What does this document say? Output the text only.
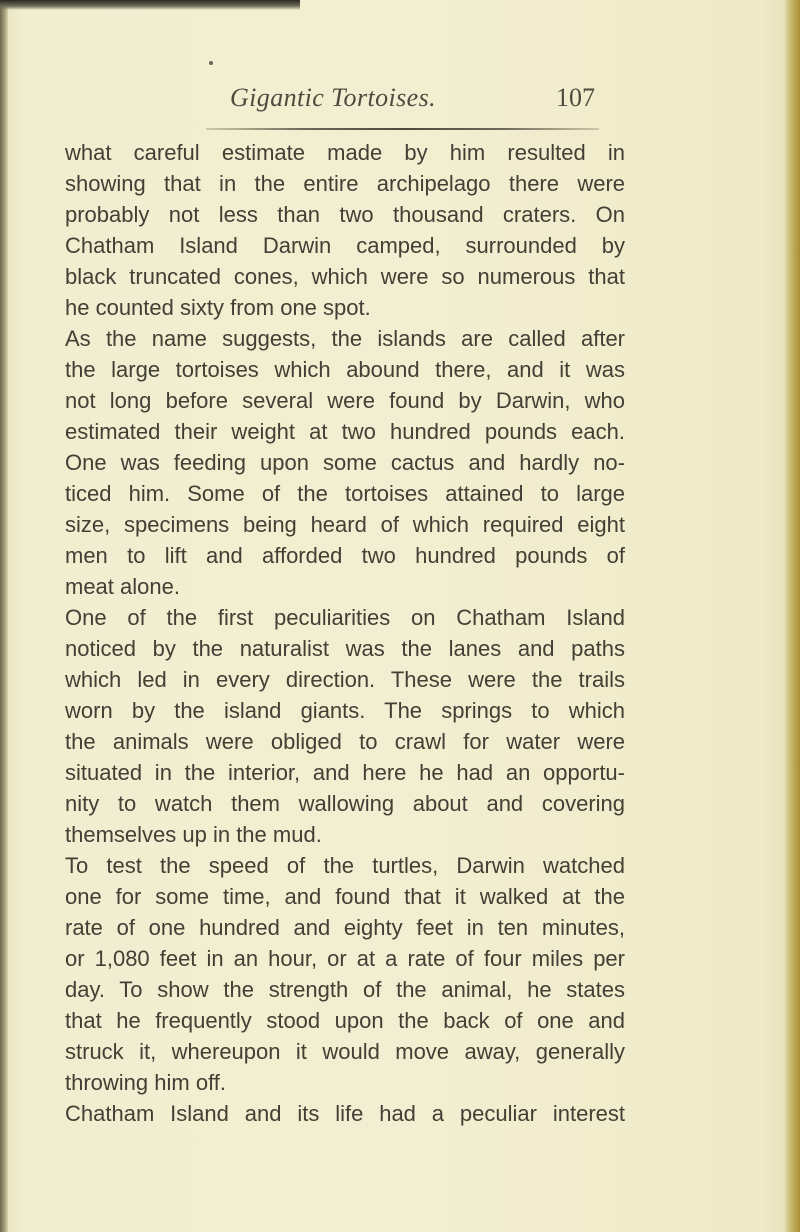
Gigantic Tortoises.	107
what careful estimate made by him resulted in
showing that in the entire archipelago there were
probably not less than two thousand craters. On
Chatham Island Darwin camped, surrounded by
black truncated cones, which were so numerous that
he counted sixty from one spot.
As the name suggests, the islands are called after
the large tortoises which abound there, and it was
not long before several were found by Darwin, who
estimated their weight at two hundred pounds each.
One was feeding upon some cactus and hardly no-
ticed him. Some of the tortoises attained to large
size, specimens being heard of which required eight
men to lift and afforded two hundred pounds of
meat alone.
One of the first peculiarities on Chatham Island
noticed by the naturalist was the lanes and paths
which led in every direction. These were the trails
worn by the island giants. The springs to which
the animals were obliged to crawl for water were
situated in the interior, and here he had an opportu-
nity to watch them wallowing about and covering
themselves up in the mud.
To test the speed of the turtles, Darwin watched
one for some time, and found that it walked at the
rate of one hundred and eighty feet in ten minutes,
or 1,080 feet in an hour, or at a rate of four miles per
day. To show the strength of the animal, he states
that he frequently stood upon the back of one and
struck it, whereupon it would move away, generally
throwing him off.
Chatham Island and its life had a peculiar interest
